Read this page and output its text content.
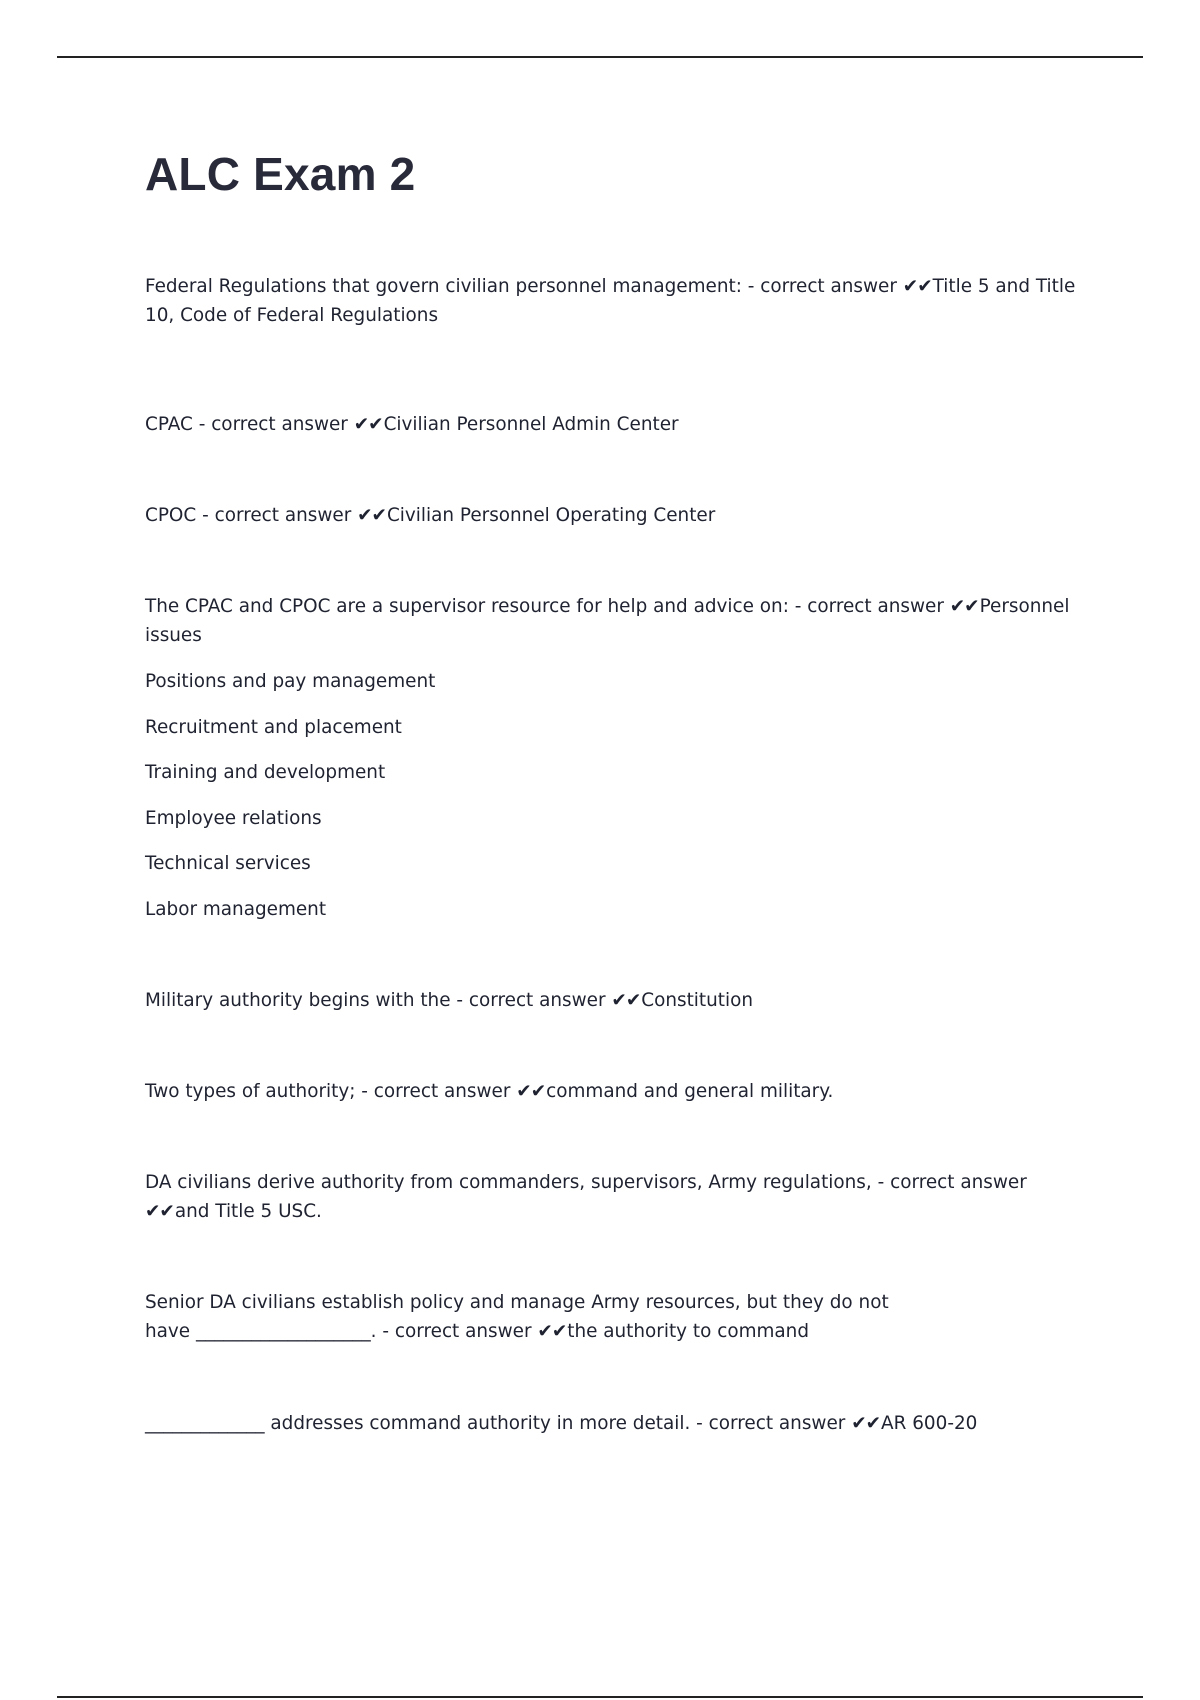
ALC Exam 2

Federal Regulations that govern civilian personnel management: - correct answer ✔✔Title 5 and Title 10, Code of Federal Regulations

CPAC - correct answer ✔✔Civilian Personnel Admin Center

CPOC - correct answer ✔✔Civilian Personnel Operating Center

The CPAC and CPOC are a supervisor resource for help and advice on: - correct answer ✔✔Personnel issues

Positions and pay management

Recruitment and placement

Training and development

Employee relations

Technical services

Labor management

Military authority begins with the - correct answer ✔✔Constitution

Two types of authority; - correct answer ✔✔command and general military.

DA civilians derive authority from commanders, supervisors, Army regulations, - correct answer ✔✔and Title 5 USC.

Senior DA civilians establish policy and manage Army resources, but they do not have ___________________. - correct answer ✔✔the authority to command

_____________ addresses command authority in more detail. - correct answer ✔✔AR 600-20
